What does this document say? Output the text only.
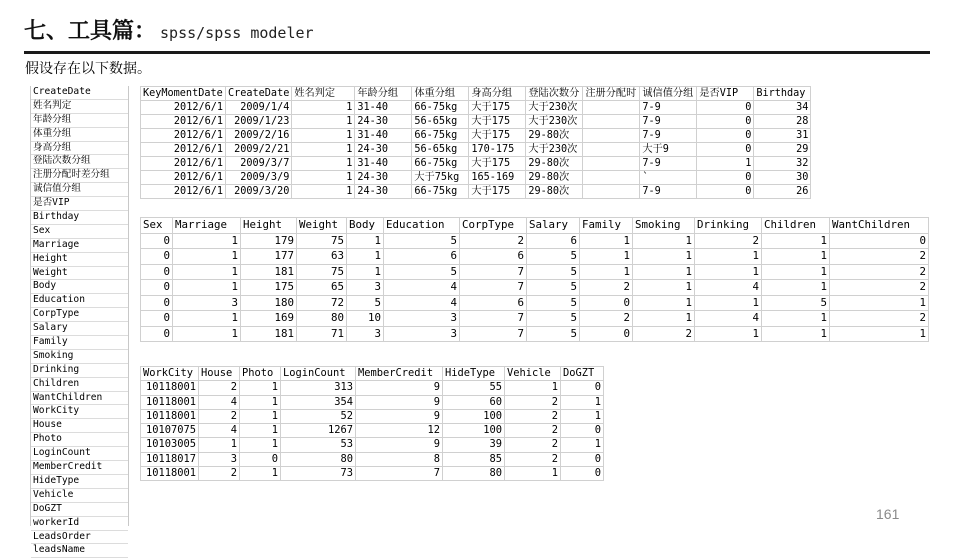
七、工具篇： spss/spss modeler
假设存在以下数据。
CreateDate
姓名判定
年龄分组
体重分组
身高分组
登陆次数分组
注册分配时差分组
诚信值分组
是否VIP
Birthday
Sex
Marriage
Height
Weight
Body
Education
CorpType
Salary
Family
Smoking
Drinking
Children
WantChildren
WorkCity
House
Photo
LoginCount
MemberCredit
HideType
Vehicle
DoGZT
workerId
LeadsOrder
leadsName
KeyMomentDate	CreateDate	姓名判定	年龄分组	体重分组	身高分组	登陆次数分	注册分配时	诚信值分组	是否VIP	Birthday
2012/6/1	2009/1/4	1	31-40	66-75kg	大于175	大于230次		7-9	0	34
2012/6/1	2009/1/23	1	24-30	56-65kg	大于175	大于230次		7-9	0	28
2012/6/1	2009/2/16	1	31-40	66-75kg	大于175	29-80次		7-9	0	31
2012/6/1	2009/2/21	1	24-30	56-65kg	170-175	大于230次		大于9	0	29
2012/6/1	2009/3/7	1	31-40	66-75kg	大于175	29-80次		7-9	1	32
2012/6/1	2009/3/9	1	24-30	大于75kg	165-169	29-80次		`	0	30
2012/6/1	2009/3/20	1	24-30	66-75kg	大于175	29-80次		7-9	0	26
Sex	Marriage	Height	Weight	Body	Education	CorpType	Salary	Family	Smoking	Drinking	Children	WantChildren
0	1	179	75	1	5	2	6	1	1	2	1	0
0	1	177	63	1	6	6	5	1	1	1	1	2
0	1	181	75	1	5	7	5	1	1	1	1	2
0	1	175	65	3	4	7	5	2	1	4	1	2
0	3	180	72	5	4	6	5	0	1	1	5	1
0	1	169	80	10	3	7	5	2	1	4	1	2
0	1	181	71	3	3	7	5	0	2	1	1	1
WorkCity	House	Photo	LoginCount	MemberCredit	HideType	Vehicle	DoGZT
10118001	2	1	313	9	55	1	0
10118001	4	1	354	9	60	2	1
10118001	2	1	52	9	100	2	1
10107075	4	1	1267	12	100	2	0
10103005	1	1	53	9	39	2	1
10118017	3	0	80	8	85	2	0
10118001	2	1	73	7	80	1	0
161
